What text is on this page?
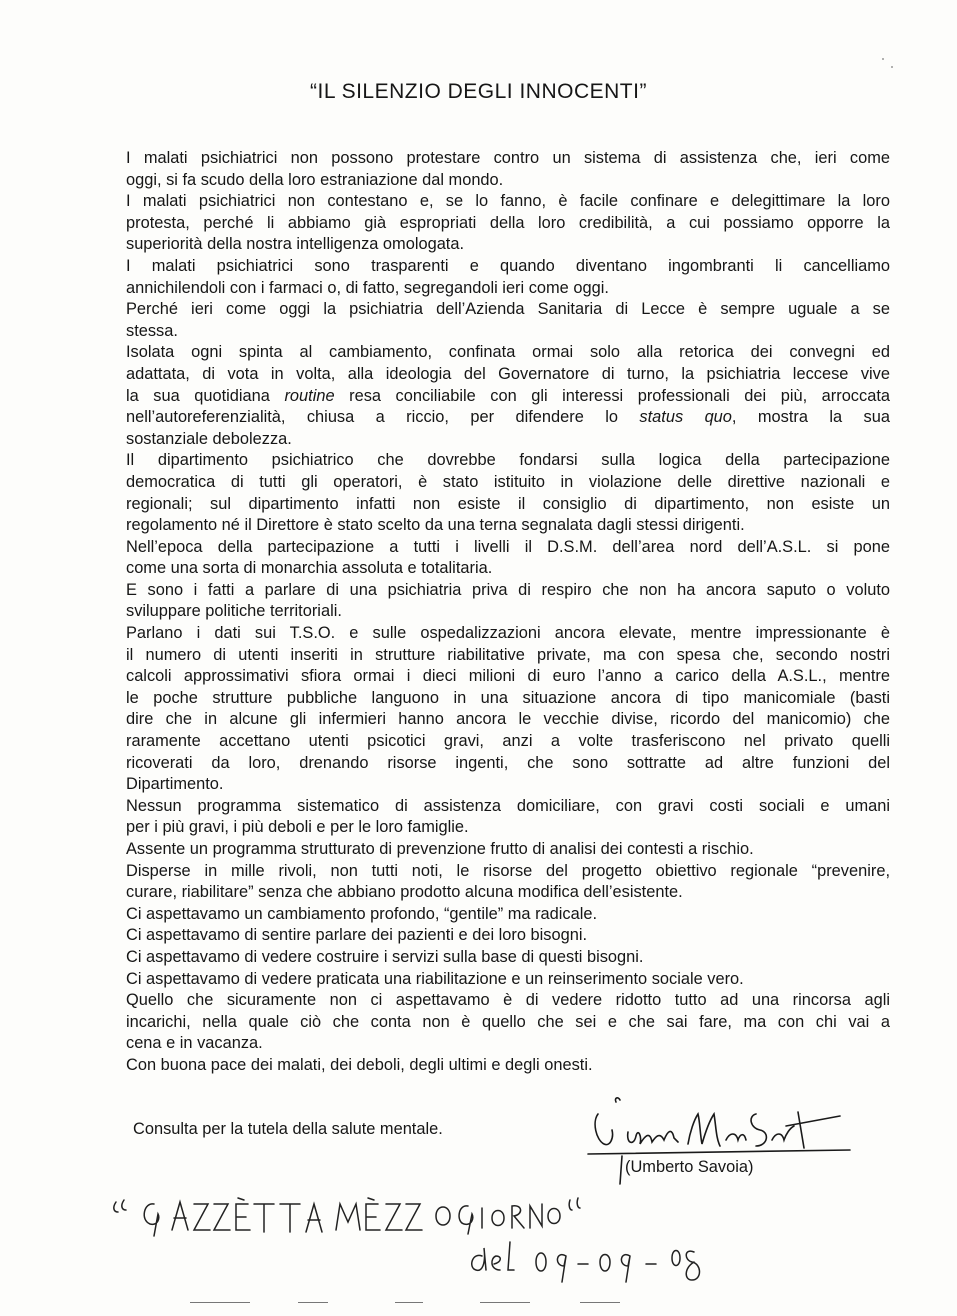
“IL SILENZIO DEGLI INNOCENTI”
I malati psichiatrici non possono protestare contro un sistema di assistenza che, ieri come
oggi, si fa scudo della loro estraniazione dal mondo.
I malati psichiatrici non contestano e, se lo fanno, è facile confinare e delegittimare la loro
protesta, perché li abbiamo già espropriati della loro credibilità, a cui possiamo opporre la
superiorità della nostra intelligenza omologata.
I malati psichiatrici sono trasparenti e quando diventano ingombranti li cancelliamo
annichilendoli con i farmaci o, di fatto, segregandoli ieri come oggi.
Perché ieri come oggi la psichiatria dell’Azienda Sanitaria di Lecce è sempre uguale a se
stessa.
Isolata ogni spinta al cambiamento, confinata ormai solo alla retorica dei convegni ed
adattata, di vota in volta, alla ideologia del Governatore di turno, la psichiatria leccese vive
la sua quotidiana routine resa conciliabile con gli interessi professionali dei più, arroccata
nell’autoreferenzialità, chiusa a riccio, per difendere lo status quo, mostra la sua
sostanziale debolezza.
Il dipartimento psichiatrico che dovrebbe fondarsi sulla logica della partecipazione
democratica di tutti gli operatori, è stato istituito in violazione delle direttive nazionali e
regionali; sul dipartimento infatti non esiste il consiglio di dipartimento, non esiste un
regolamento né il Direttore è stato scelto da una terna segnalata dagli stessi dirigenti.
Nell’epoca della partecipazione a tutti i livelli il D.S.M. dell’area nord dell’A.S.L. si pone
come una sorta di monarchia assoluta e totalitaria.
E sono i fatti a parlare di una psichiatria priva di respiro che non ha ancora saputo o voluto
sviluppare politiche territoriali.
Parlano i dati sui T.S.O. e sulle ospedalizzazioni ancora elevate, mentre impressionante è
il numero di utenti inseriti in strutture riabilitative private, ma con spesa che, secondo nostri
calcoli approssimativi sfiora ormai i dieci milioni di euro l’anno a carico della A.S.L., mentre
le poche strutture pubbliche languono in una situazione ancora di tipo manicomiale (basti
dire che in alcune gli infermieri hanno ancora le vecchie divise, ricordo del manicomio) che
raramente accettano utenti psicotici gravi, anzi a volte trasferiscono nel privato quelli
ricoverati da loro, drenando risorse ingenti, che sono sottratte ad altre funzioni del
Dipartimento.
Nessun programma sistematico di assistenza domiciliare, con gravi costi sociali e umani
per i più gravi, i più deboli e per le loro famiglie.
Assente un programma strutturato di prevenzione frutto di analisi dei contesti a rischio.
Disperse in mille rivoli, non tutti noti, le risorse del progetto obiettivo regionale “prevenire,
curare, riabilitare” senza che abbiano prodotto alcuna modifica dell’esistente.
Ci aspettavamo un cambiamento profondo, “gentile” ma radicale.
Ci aspettavamo di sentire parlare dei pazienti e dei loro bisogni.
Ci aspettavamo di vedere costruire i servizi sulla base di questi bisogni.
Ci aspettavamo di vedere praticata una riabilitazione e un reinserimento sociale vero.
Quello che sicuramente non ci aspettavamo è di vedere ridotto tutto ad una rincorsa agli
incarichi, nella quale ciò che conta non è quello che sei e che sai fare, ma con chi vai a
cena e in vacanza.
Con buona pace dei malati, dei deboli, degli ultimi e degli onesti.
Consulta per la tutela della salute mentale.
(Umberto Savoia)
